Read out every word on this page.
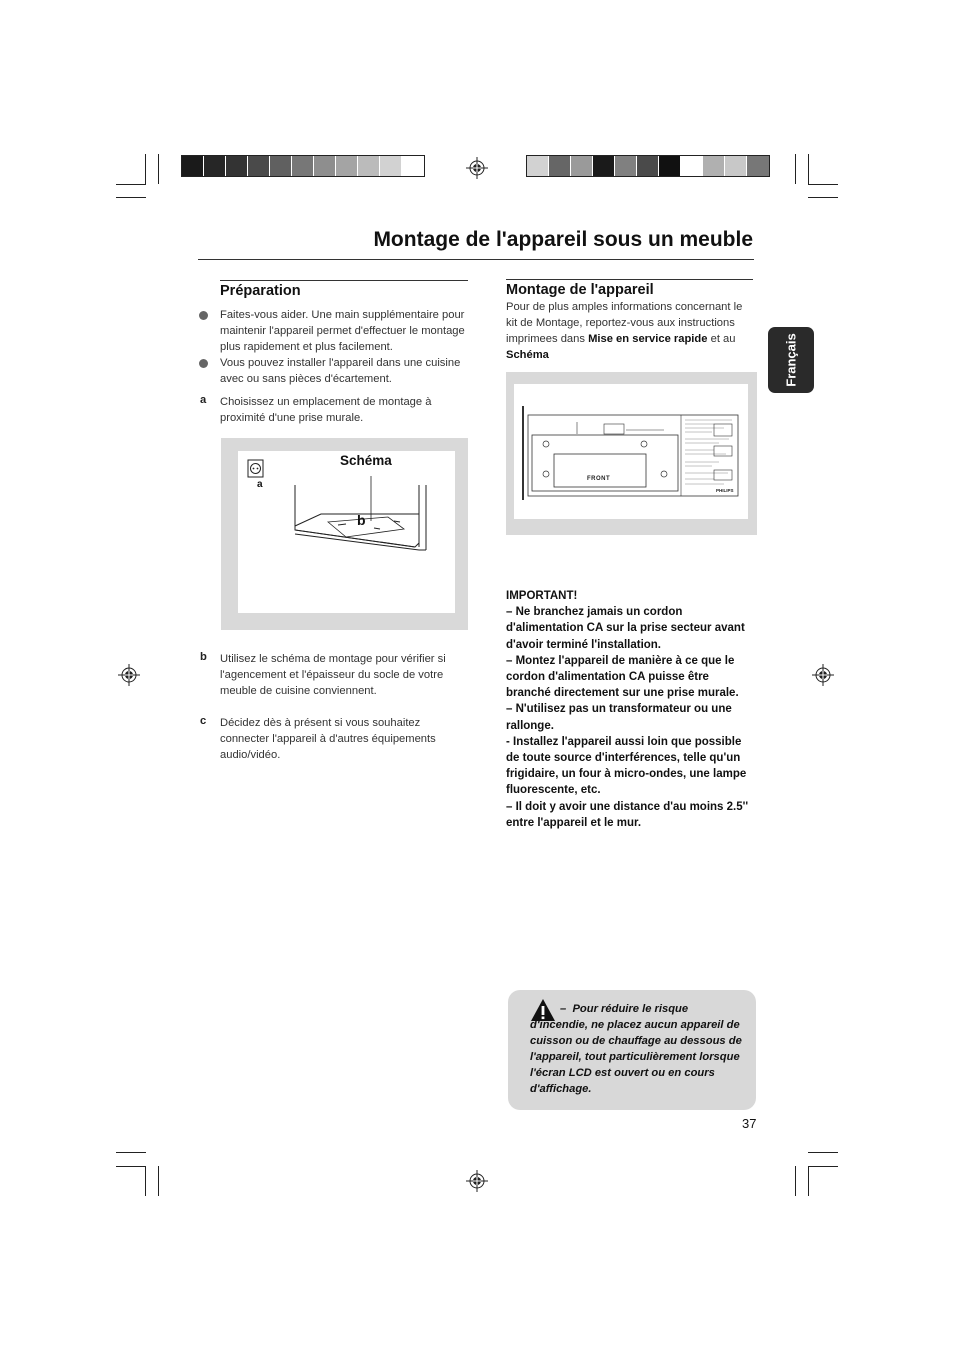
Montage de l'appareil sous un meuble
Français
Préparation
Faites-vous aider. Une main supplémentaire pour maintenir l'appareil permet d'effectuer le montage plus rapidement et plus facilement.
Vous pouvez installer l'appareil dans une cuisine avec ou sans pièces d'écartement.
a Choisissez un emplacement de montage à proximité d'une prise murale.
Schéma
a
b
b Utilisez le schéma de montage pour vérifier si l'agencement et l'épaisseur du socle de votre meuble de cuisine conviennent.
c Décidez dès à présent si vous souhaitez connecter l'appareil à d'autres équipements audio/vidéo.
Montage de l'appareil
Pour de plus amples informations concernant le kit de Montage, reportez-vous aux instructions imprimees dans Mise en service rapide et au Schéma
FRONT
PHILIPS

IMPORTANT!

– Ne branchez jamais un cordon d'alimentation CA sur la prise secteur avant d'avoir terminé l'installation.

– Montez l'appareil de manière à ce que le cordon d'alimentation CA puisse être branché directement sur une prise murale.

– N'utilisez pas un transformateur ou une rallonge.

- Installez l'appareil aussi loin que possible de toute source d'interférences, telle qu'un frigidaire, un four à micro-ondes, une lampe fluorescente, etc.

– Il doit y avoir une distance d'au moins 2.5'' entre l'appareil et le mur.

– Pour réduire le risque
d'incendie, ne placez aucun appareil de cuisson ou de chauffage au dessous de l'appareil, tout particulièrement lorsque l'écran LCD est ouvert ou en cours d'affichage.
37
